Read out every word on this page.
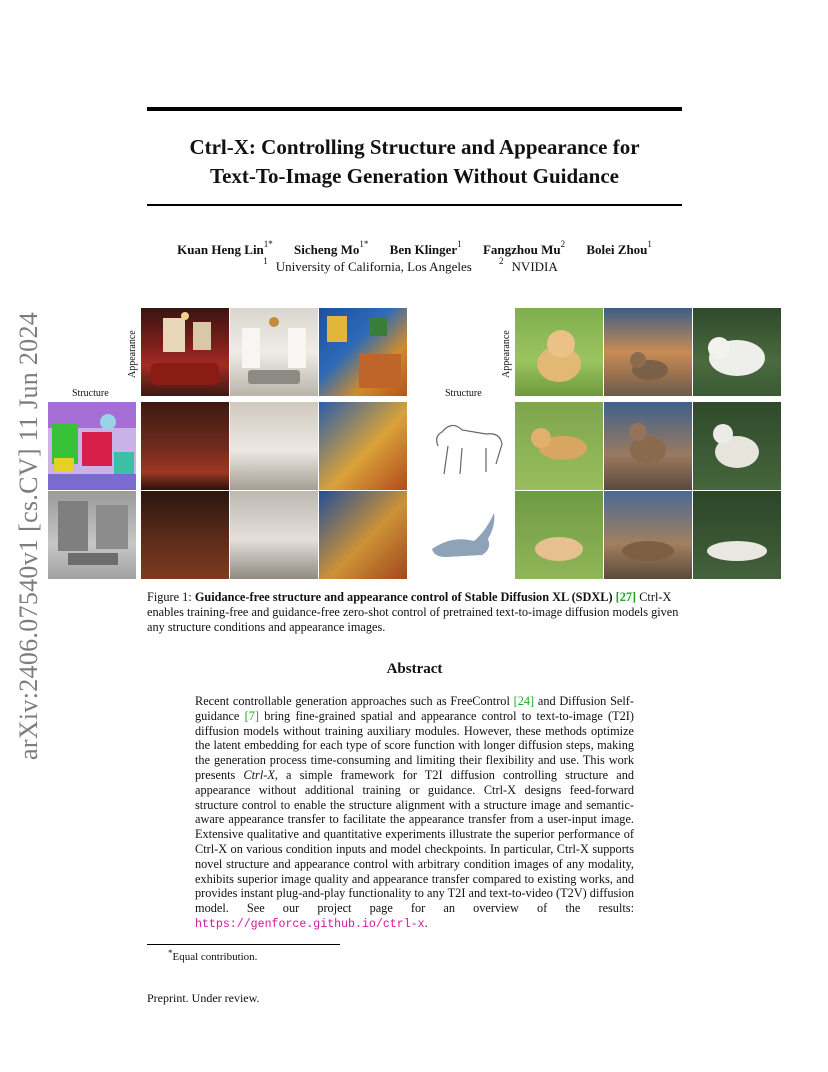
arXiv:2406.07540v1 [cs.CV] 11 Jun 2024
Ctrl-X: Controlling Structure and Appearance for
Text-To-Image Generation Without Guidance
Kuan Heng Lin$^{1*}$ Sicheng $Mo^{1*}$ Ben Klinger$^1$ Fangzhou Mu$^2$ Bolei Zhou$^1$
$^1$ University of California, Los Angeles	$^2$ NVIDIA
Appearance
Structure
Appearance
Structure
Figure 1: Guidance-free structure and appearance control of Stable Diffusion XL (SDXL) [27] Ctrl-X enables training-free and guidance-free zero-shot control of pretrained text-to-image diffusion models given any structure conditions and appearance images.
Abstract
Recent controllable generation approaches such as FreeControl [24] and Diffusion Self-guidance [7] bring fine-grained spatial and appearance control to text-to-image (T2I) diffusion models without training auxiliary modules. However, these methods optimize the latent embedding for each type of score function with longer diffusion steps, making the generation process time-consuming and limiting their flexibility and use. This work presents Ctrl-X, a simple framework for T2I diffusion controlling structure and appearance without additional training or guidance. Ctrl-X designs feed-forward structure control to enable the structure alignment with a structure image and semantic-aware appearance transfer to facilitate the appearance transfer from a user-input image. Extensive qualitative and quantitative experiments illustrate the superior performance of Ctrl-X on various condition inputs and model checkpoints. In particular, Ctrl-X supports novel structure and appearance control with arbitrary condition images of any modality, exhibits superior image quality and appearance transfer compared to existing works, and provides instant plug-and-play functionality to any T2I and text-to-video (T2V) diffusion model. See our project page for an overview of the results: https://genforce.github.io/ctrl-x.
*Equal contribution.
Preprint. Under review.
